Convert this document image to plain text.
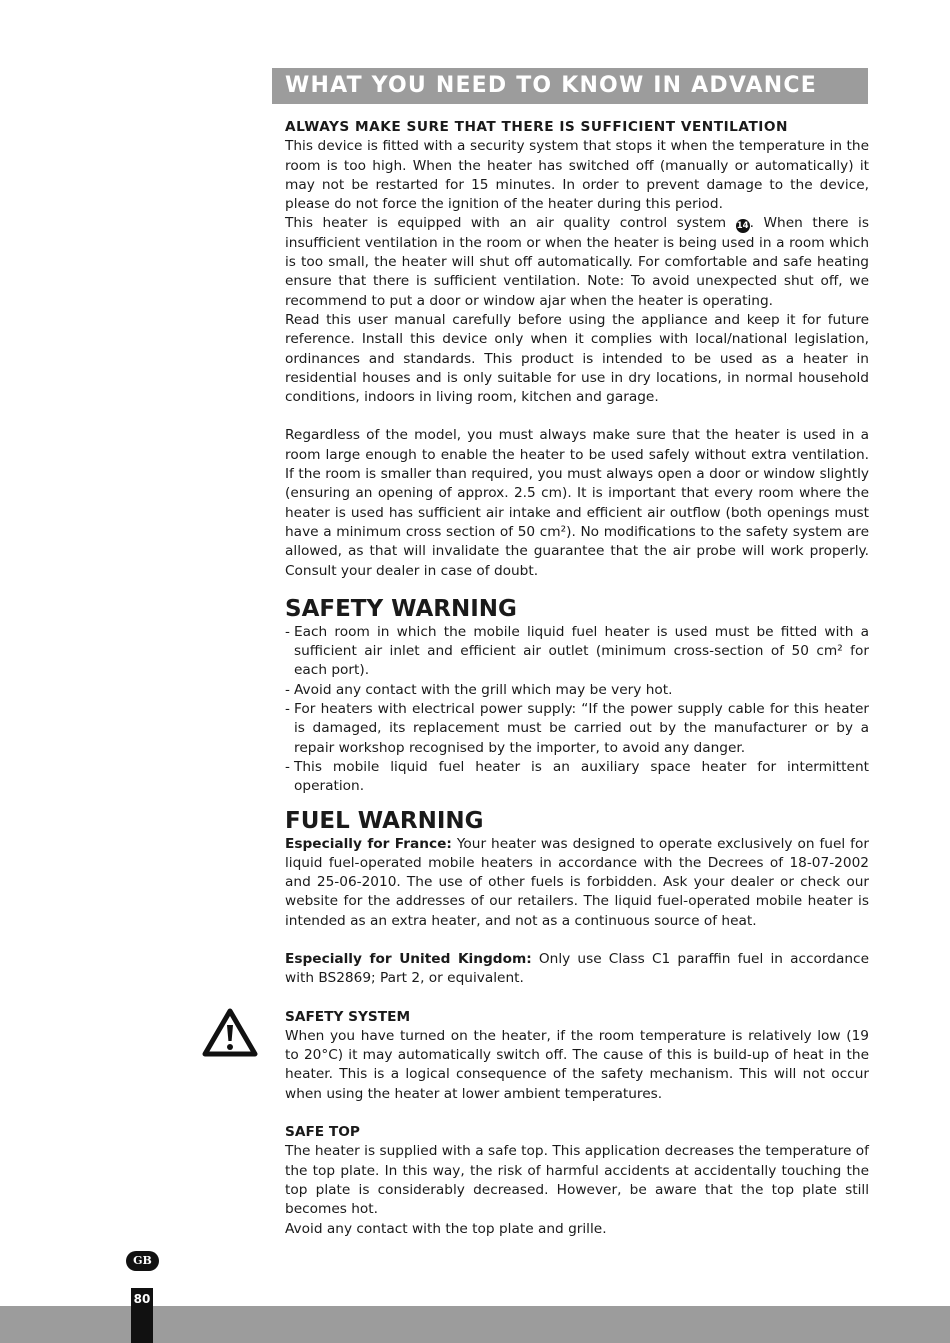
WHAT YOU NEED TO KNOW IN ADVANCE

ALWAYS MAKE SURE THAT THERE IS SUFFICIENT VENTILATION

This device is fitted with a security system that stops it when the temperature in the room is too high. When the heater has switched off (manually or automatically) it may not be restarted for 15 minutes. In order to prevent damage to the device, please do not force the ignition of the heater during this period.

This heater is equipped with an air quality control system 14. When there is insufficient ventilation in the room or when the heater is being used in a room which is too small, the heater will shut off automatically. For comfortable and safe heating ensure that there is sufficient ventilation. Note: To avoid unexpected shut off, we recommend to put a door or window ajar when the heater is operating.

Read this user manual carefully before using the appliance and keep it for future reference. Install this device only when it complies with local/national legislation, ordinances and standards. This product is intended to be used as a heater in residential houses and is only suitable for use in dry locations, in normal household conditions, indoors in living room, kitchen and garage.

Regardless of the model, you must always make sure that the heater is used in a room large enough to enable the heater to be used safely without extra ventilation. If the room is smaller than required, you must always open a door or window slightly (ensuring an opening of approx. 2.5 cm). It is important that every room where the heater is used has sufficient air intake and efficient air outflow (both openings must have a minimum cross section of 50 cm²). No modifications to the safety system are allowed, as that will invalidate the guarantee that the air probe will work properly. Consult your dealer in case of doubt.

SAFETY WARNING
- Each room in which the mobile liquid fuel heater is used must be fitted with a sufficient air inlet and efficient air outlet (minimum cross-section of 50 cm² for each port).
- Avoid any contact with the grill which may be very hot.
- For heaters with electrical power supply: “If the power supply cable for this heater is damaged, its replacement must be carried out by the manufacturer or by a repair workshop recognised by the importer, to avoid any danger.
- This mobile liquid fuel heater is an auxiliary space heater for intermittent operation.
FUEL WARNING

Especially for France: Your heater was designed to operate exclusively on fuel for liquid fuel-operated mobile heaters in accordance with the Decrees of 18-07-2002 and 25-06-2010. The use of other fuels is forbidden. Ask your dealer or check our website for the addresses of our retailers. The liquid fuel-operated mobile heater is intended as an extra heater, and not as a continuous source of heat.

Especially for United Kingdom: Only use Class C1 paraffin fuel in accordance with BS2869; Part 2, or equivalent.

SAFETY SYSTEM

When you have turned on the heater, if the room temperature is relatively low (19 to 20°C) it may automatically switch off. The cause of this is build-up of heat in the heater. This is a logical consequence of the safety mechanism. This will not occur when using the heater at lower ambient temperatures.

SAFE TOP

The heater is supplied with a safe top. This application decreases the temperature of the top plate. In this way, the risk of harmful accidents at accidentally touching the top plate is considerably decreased. However, be aware that the top plate still becomes hot.

Avoid any contact with the top plate and grille.

GB
80
